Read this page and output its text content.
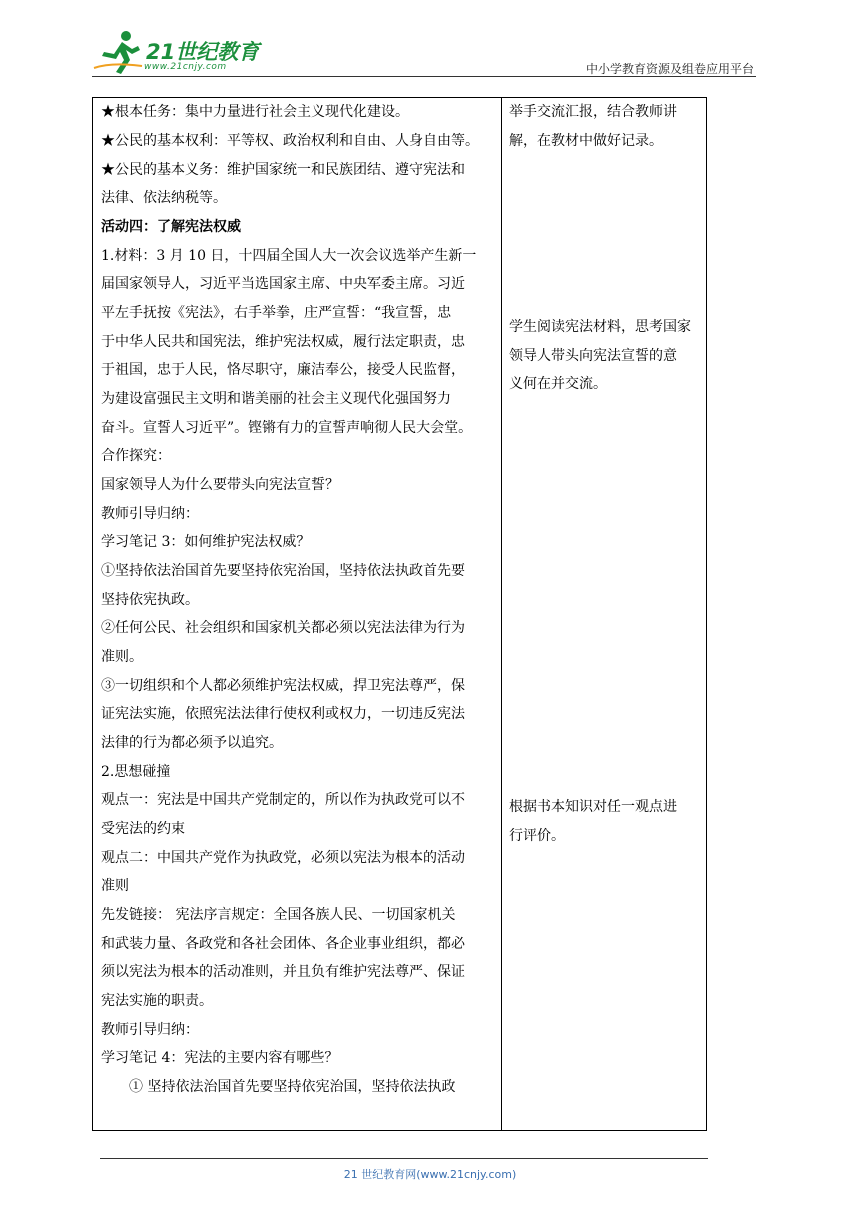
21世纪教育
www.21cnjy.com	中小学教育资源及组卷应用平台
★根本任务：集中力量进行社会主义现代化建设。
★公民的基本权利：平等权、政治权利和自由、人身自由等。
★公民的基本义务：维护国家统一和民族团结、遵守宪法和
法律、依法纳税等。
活动四：了解宪法权威
1.材料：3 月 10 日，十四届全国人大一次会议选举产生新一
届国家领导人，习近平当选国家主席、中央军委主席。习近
平左手抚按《宪法》，右手举拳，庄严宣誓：“我宣誓，忠
于中华人民共和国宪法，维护宪法权威，履行法定职责，忠
于祖国，忠于人民，恪尽职守，廉洁奉公，接受人民监督，
为建设富强民主文明和谐美丽的社会主义现代化强国努力
奋斗。宣誓人习近平”。铿锵有力的宣誓声响彻人民大会堂。
合作探究：
国家领导人为什么要带头向宪法宣誓？
教师引导归纳：
学习笔记 3：如何维护宪法权威？
①坚持依法治国首先要坚持依宪治国，坚持依法执政首先要
坚持依宪执政。
②任何公民、社会组织和国家机关都必须以宪法法律为行为
准则。
③一切组织和个人都必须维护宪法权威，捍卫宪法尊严，保
证宪法实施，依照宪法法律行使权利或权力，一切违反宪法
法律的行为都必须予以追究。
2.思想碰撞
观点一：宪法是中国共产党制定的，所以作为执政党可以不
受宪法的约束
观点二：中国共产党作为执政党，必须以宪法为根本的活动
准则
先发链接： 宪法序言规定：全国各族人民、一切国家机关
和武装力量、各政党和各社会团体、各企业事业组织，都必
须以宪法为根本的活动准则，并且负有维护宪法尊严、保证
宪法实施的职责。
教师引导归纳：
学习笔记 4：宪法的主要内容有哪些？
① 坚持依法治国首先要坚持依宪治国，坚持依法执政
举手交流汇报，结合教师讲
解，在教材中做好记录。
学生阅读宪法材料，思考国家
领导人带头向宪法宣誓的意
义何在并交流。
根据书本知识对任一观点进
行评价。
21 世纪教育网(www.21cnjy.com)
